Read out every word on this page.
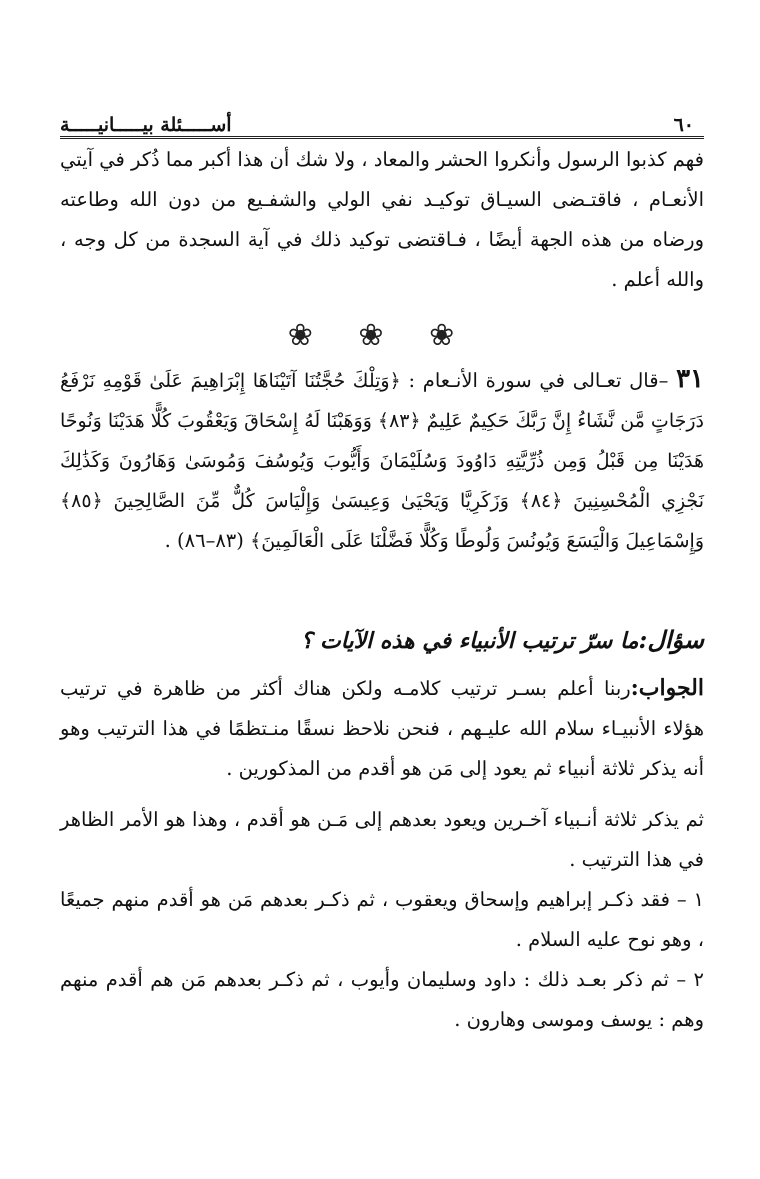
أســـــئلة بيـــــانيـــــة	٦٠

فهم كذبوا الرسول وأنكروا الحشر والمعاد ، ولا شك أن هذا أكبر مما ذُكر في آيتي الأنعـام ، فاقتـضى السيـاق توكيـد نفي الولي والشفـيع من دون الله وطاعته ورضاه من هذه الجهة أيضًا ، فـاقتضى توكيد ذلك في آية السجدة من كل وجه ، والله أعلم .

❀ ❀ ❀

٣١ –قال تعـالى في سورة الأنـعام : ﴿وَتِلْكَ حُجَّتُنَا آتَيْنَاهَا إِبْرَاهِيمَ عَلَىٰ قَوْمِهِ نَرْفَعُ دَرَجَاتٍ مَّن نَّشَاءُ إِنَّ رَبَّكَ حَكِيمٌ عَلِيمٌ ﴿٨٣﴾ وَوَهَبْنَا لَهُ إِسْحَاقَ وَيَعْقُوبَ كُلًّا هَدَيْنَا وَنُوحًا هَدَيْنَا مِن قَبْلُ وَمِن ذُرِّيَّتِهِ دَاوُودَ وَسُلَيْمَانَ وَأَيُّوبَ وَيُوسُفَ وَمُوسَىٰ وَهَارُونَ وَكَذَٰلِكَ نَجْزِي الْمُحْسِنِينَ ﴿٨٤﴾ وَزَكَرِيَّا وَيَحْيَىٰ وَعِيسَىٰ وَإِلْيَاسَ كُلٌّ مِّنَ الصَّالِحِينَ ﴿٨٥﴾ وَإِسْمَاعِيلَ وَالْيَسَعَ وَيُونُسَ وَلُوطًا وَكُلًّا فَضَّلْنَا عَلَى الْعَالَمِينَ﴾ (٨٣–٨٦) .

سؤال:ما سرّ ترتيب الأنبياء في هذه الآيات ؟

الجواب:ربنا أعلم بسـر ترتيب كلامـه ولكن هناك أكثر من ظاهرة في ترتيب هؤلاء الأنبيـاء سلام الله عليـهم ، فنحن نلاحظ نسقًا منـتظمًا في هذا الترتيب وهو أنه يذكر ثلاثة أنبياء ثم يعود إلى مَن هو أقدم من المذكورين .

ثم يذكر ثلاثة أنـبياء آخـرين ويعود بعدهم إلى مَـن هو أقدم ، وهذا هو الأمر الظاهر في هذا الترتيب .

١ – فقد ذكـر إبراهيم وإسحاق ويعقوب ، ثم ذكـر بعدهم مَن هو أقدم منهم جميعًا ، وهو نوح عليه السلام .

٢ – ثم ذكر بعـد ذلك : داود وسليمان وأيوب ، ثم ذكـر بعدهم مَن هم أقدم منهم وهم : يوسف وموسى وهارون .
